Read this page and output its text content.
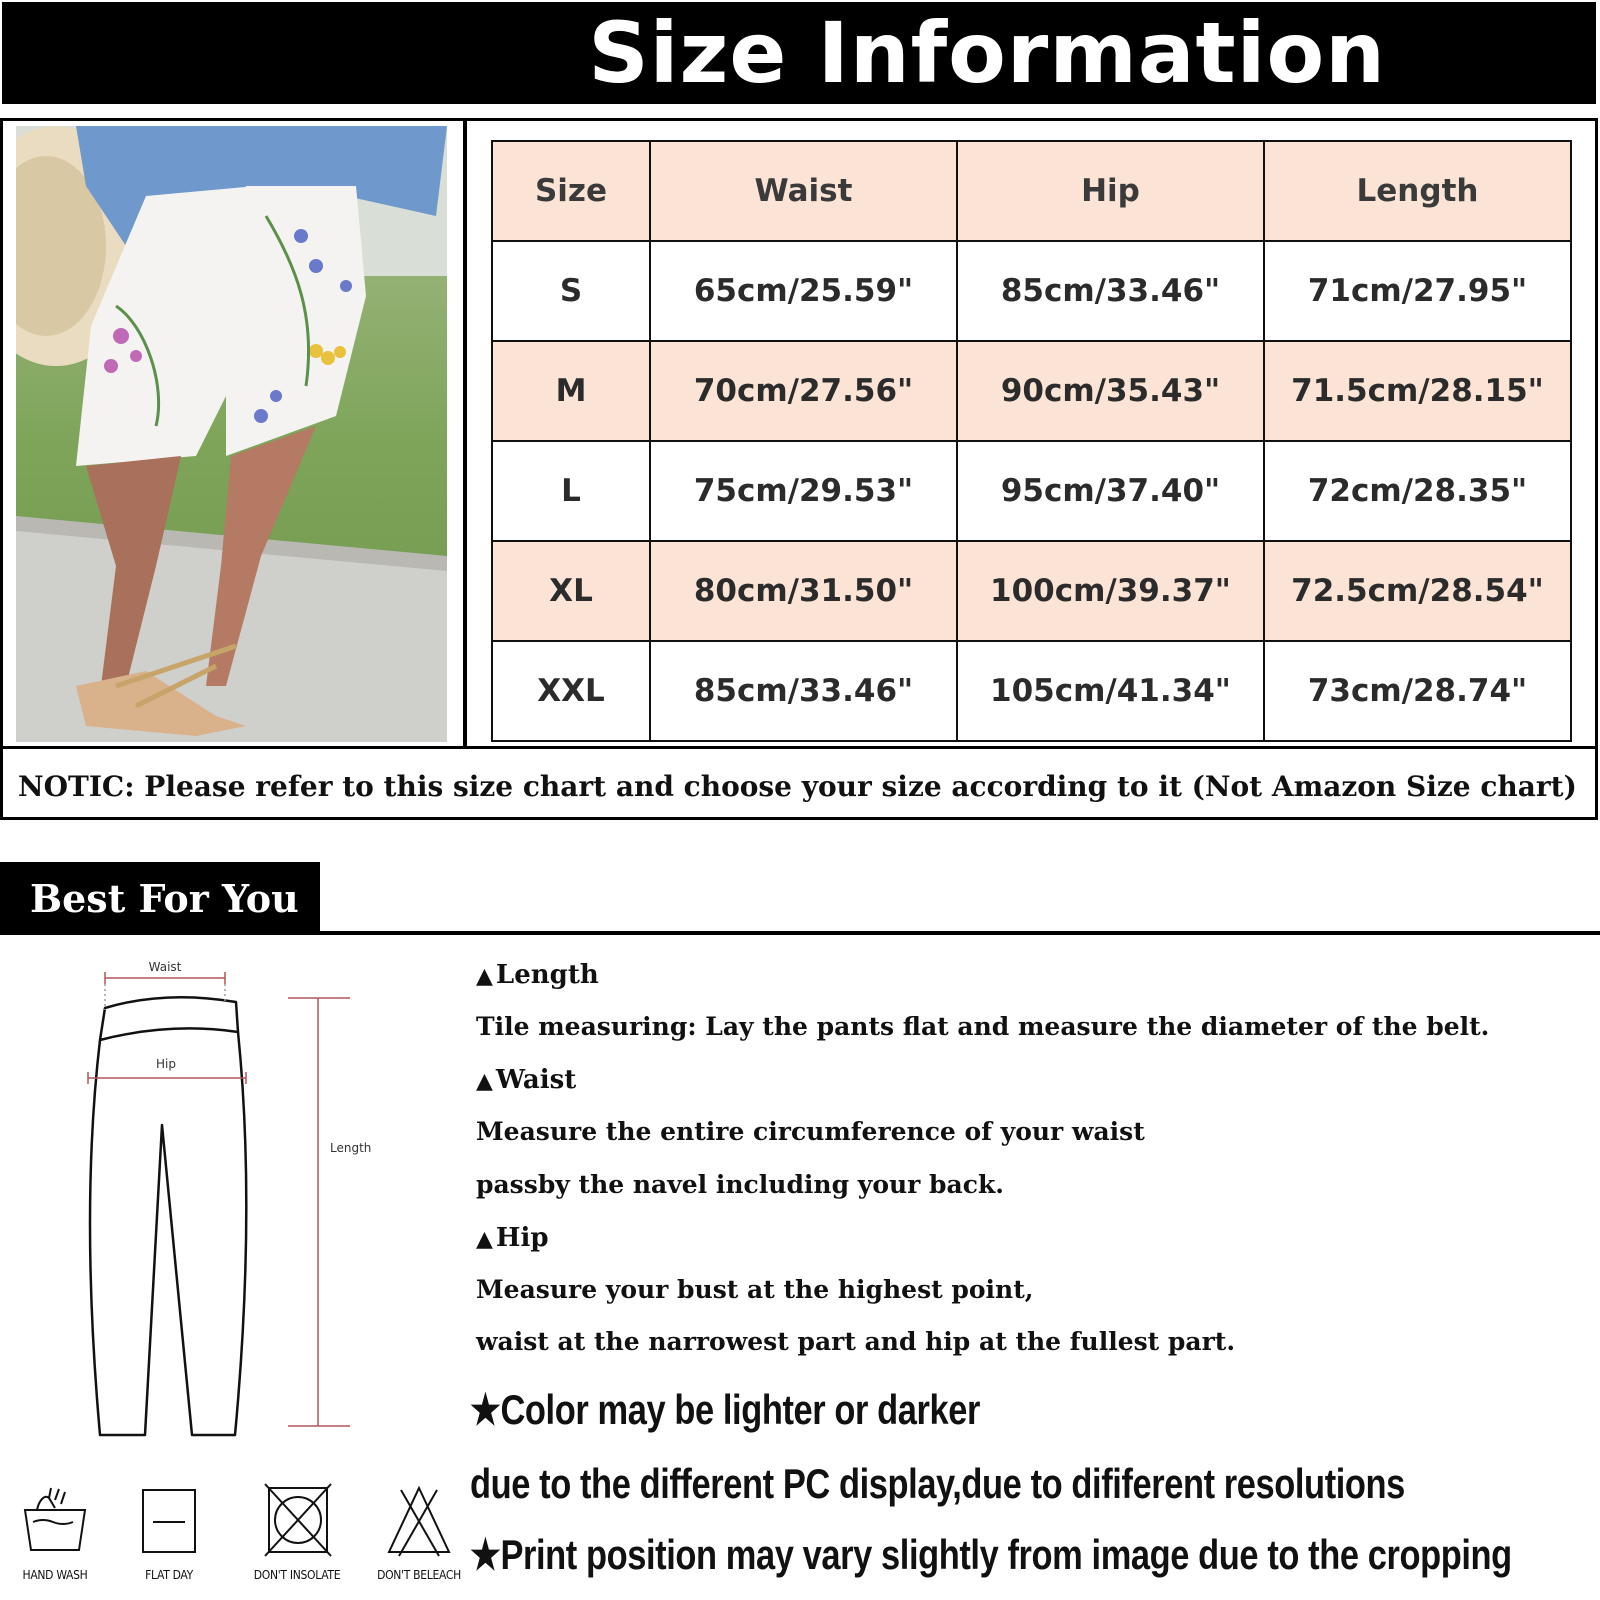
Size Information
Size	Waist	Hip	Length
S	65cm/25.59"	85cm/33.46"	71cm/27.95"
M	70cm/27.56"	90cm/35.43"	71.5cm/28.15"
L	75cm/29.53"	95cm/37.40"	72cm/28.35"
XL	80cm/31.50"	100cm/39.37"	72.5cm/28.54"
XXL	85cm/33.46"	105cm/41.34"	73cm/28.74"
NOTIC: Please refer to this size chart and choose your size according to it (Not Amazon Size chart)
Best For You
Waist
Hip
Length
▲ Length
Tile measuring: Lay the pants flat and measure the diameter of the belt.
▲ Waist
Measure the entire circumference of your waist
passby the navel including your back.
▲ Hip
Measure your bust at the highest point,
waist at the narrowest part and hip at the fullest part.
★Color may be lighter or darker
due to the different PC display,due to dififerent resolutions
★Print position may vary slightly from image due to the cropping
HAND WASH	FLAT DAY	DON'T INSOLATE	DON'T BELEACH
